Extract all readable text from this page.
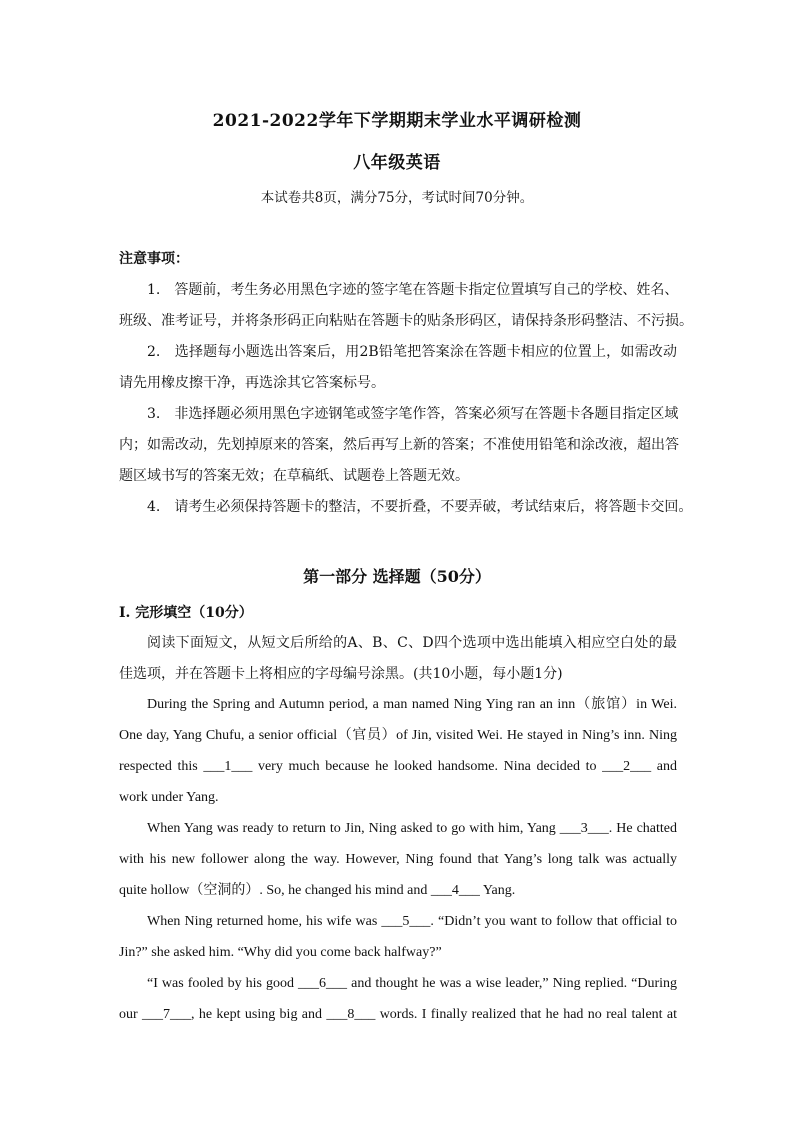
2021-2022学年下学期期末学业水平调研检测
八年级英语
本试卷共8页，满分75分，考试时间70分钟。
注意事项：
1.　答题前，考生务必用黑色字迹的签字笔在答题卡指定位置填写自己的学校、姓名、
班级、准考证号，并将条形码正向粘贴在答题卡的贴条形码区，请保持条形码整洁、不污损。
2.　选择题每小题选出答案后，用2B铅笔把答案涂在答题卡相应的位置上，如需改动
请先用橡皮擦干净，再选涂其它答案标号。
3.　非选择题必须用黑色字迹钢笔或签字笔作答，答案必须写在答题卡各题目指定区域
内；如需改动，先划掉原来的答案，然后再写上新的答案；不准使用铅笔和涂改液，超出答
题区域书写的答案无效；在草稿纸、试题卷上答题无效。
4.　请考生必须保持答题卡的整洁，不要折叠，不要弄破，考试结束后，将答题卡交回。
第一部分 选择题（50分）
I. 完形填空（10分）
阅读下面短文，从短文后所给的A、B、C、D四个选项中选出能填入相应空白处的最
佳选项，并在答题卡上将相应的字母编号涂黑。(共10小题，每小题1分)
During the Spring and Autumn period, a man named Ning Ying ran an inn（旅馆）in Wei.
One day, Yang Chufu, a senior official（官员）of Jin, visited Wei. He stayed in Ning’s inn. Ning
respected this ___1___ very much because he looked handsome. Nina decided to ___2___ and
work under Yang.
When Yang was ready to return to Jin, Ning asked to go with him, Yang ___3___. He chatted
with his new follower along the way. However, Ning found that Yang’s long talk was actually
quite hollow（空洞的）. So, he changed his mind and ___4___ Yang.
When Ning returned home, his wife was ___5___. “Didn’t you want to follow that official to
Jin?” she asked him. “Why did you come back halfway?”
“I was fooled by his good ___6___ and thought he was a wise leader,” Ning replied. “During
our ___7___, he kept using big and ___8___ words. I finally realized that he had no real talent at
